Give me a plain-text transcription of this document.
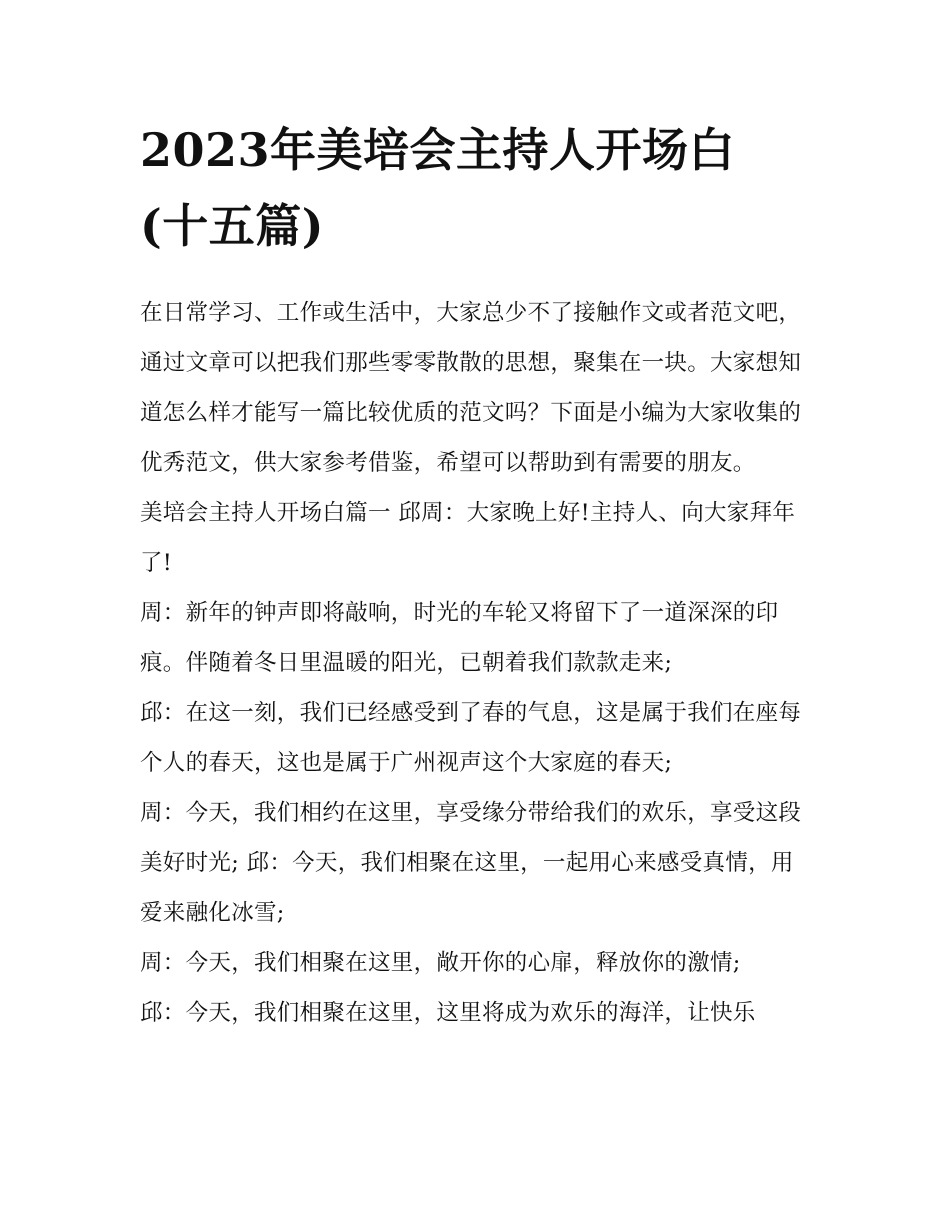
2023年美培会主持人开场白
(十五篇)

在日常学习、工作或生活中，大家总少不了接触作文或者范文吧，通过文章可以把我们那些零零散散的思想，聚集在一块。大家想知道怎么样才能写一篇比较优质的范文吗？下面是小编为大家收集的优秀范文，供大家参考借鉴，希望可以帮助到有需要的朋友。

美培会主持人开场白篇一 邱周：大家晚上好!主持人、向大家拜年了!

周：新年的钟声即将敲响，时光的车轮又将留下了一道深深的印痕。伴随着冬日里温暖的阳光，已朝着我们款款走来;

邱：在这一刻，我们已经感受到了春的气息，这是属于我们在座每个人的春天，这也是属于广州视声这个大家庭的春天;

周：今天，我们相约在这里，享受缘分带给我们的欢乐，享受这段美好时光; 邱：今天，我们相聚在这里，一起用心来感受真情，用爱来融化冰雪;

周：今天，我们相聚在这里，敞开你的心扉，释放你的激情;

邱：今天，我们相聚在这里，这里将成为欢乐的海洋，让快乐
